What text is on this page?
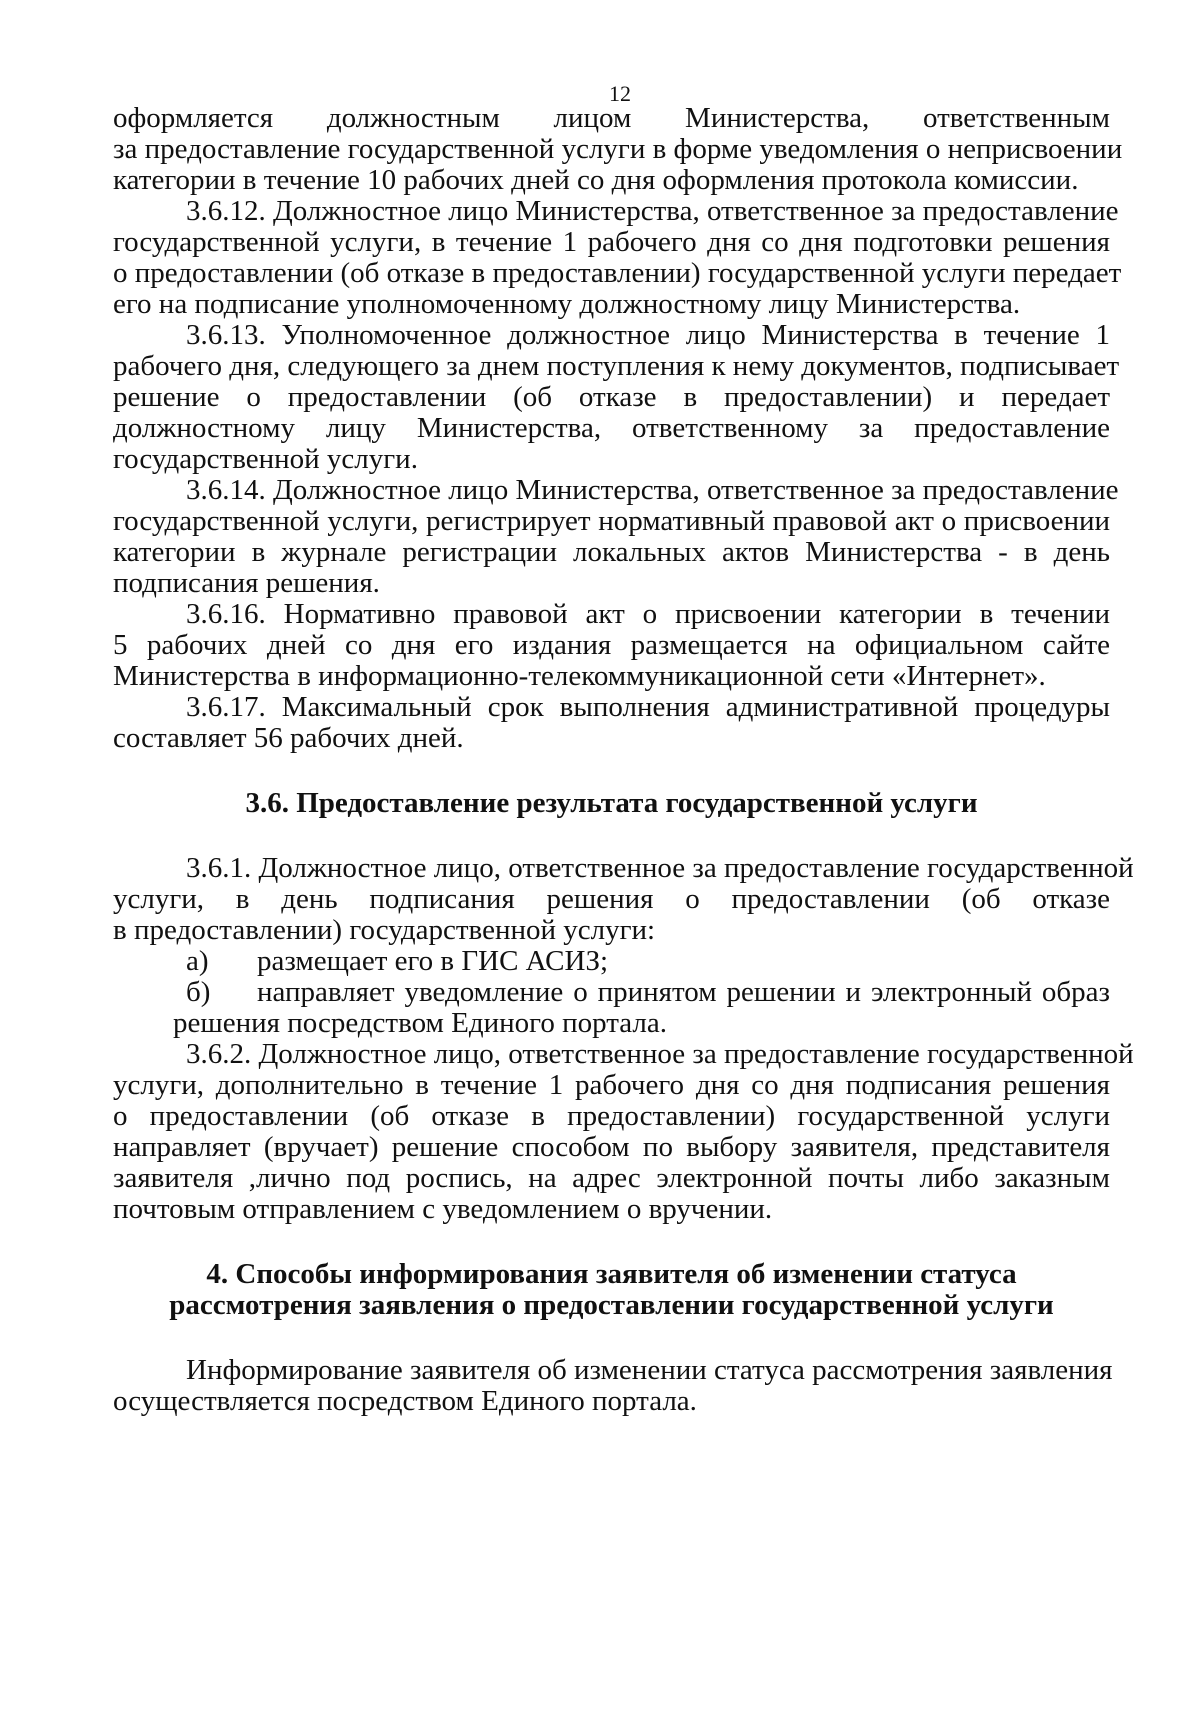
12
оформляется должностным лицом Министерства, ответственным
за предоставление государственной услуги в форме уведомления о неприсвоении
категории в течение 10 рабочих дней со дня оформления протокола комиссии.
3.6.12. Должностное лицо Министерства, ответственное за предоставление
государственной услуги, в течение 1 рабочего дня со дня подготовки решения
о предоставлении (об отказе в предоставлении) государственной услуги передает
его на подписание уполномоченному должностному лицу Министерства.
3.6.13. Уполномоченное должностное лицо Министерства в течение 1
рабочего дня, следующего за днем поступления к нему документов, подписывает
решение о предоставлении (об отказе в предоставлении) и передает
должностному лицу Министерства, ответственному за предоставление
государственной услуги.
3.6.14. Должностное лицо Министерства, ответственное за предоставление
государственной услуги, регистрирует нормативный правовой акт о присвоении
категории в журнале регистрации локальных актов Министерства - в день
подписания решения.
3.6.16. Нормативно правовой акт о присвоении категории в течении
5 рабочих дней со дня его издания размещается на официальном сайте
Министерства в информационно-телекоммуникационной сети «Интернет».
3.6.17. Максимальный срок выполнения административной процедуры
составляет 56 рабочих дней.
3.6. Предоставление результата государственной услуги
3.6.1. Должностное лицо, ответственное за предоставление государственной
услуги, в день подписания решения о предоставлении (об отказе
в предоставлении) государственной услуги:
а)	размещает его в ГИС АСИЗ;
б)	направляет уведомление о принятом решении и электронный образ
решения посредством Единого портала.
3.6.2. Должностное лицо, ответственное за предоставление государственной
услуги, дополнительно в течение 1 рабочего дня со дня подписания решения
о предоставлении (об отказе в предоставлении) государственной услуги
направляет (вручает) решение способом по выбору заявителя, представителя
заявителя ,лично под роспись, на адрес электронной почты либо заказным
почтовым отправлением с уведомлением о вручении.
4. Способы информирования заявителя об изменении статуса
рассмотрения заявления о предоставлении государственной услуги
Информирование заявителя об изменении статуса рассмотрения заявления
осуществляется посредством Единого портала.
